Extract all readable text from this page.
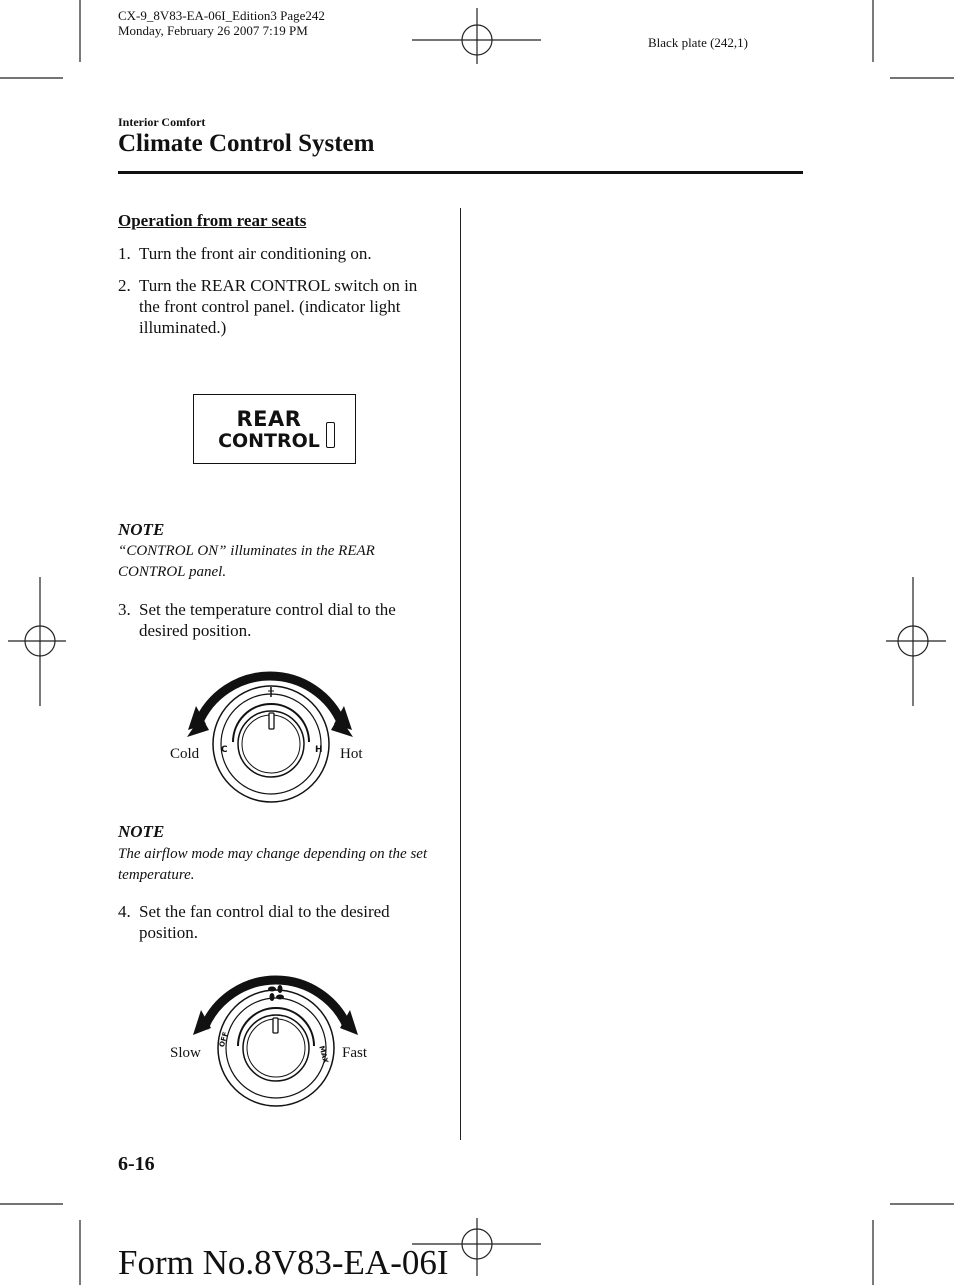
CX-9_8V83-EA-06I_Edition3 Page242
Monday, February 26 2007 7:19 PM
Black plate (242,1)
Interior Comfort
Climate Control System
Operation from rear seats
1. Turn the front air conditioning on.
2. Turn the REAR CONTROL switch on in the front control panel. (indicator light illuminated.)
REAR
CONTROL
NOTE
“CONTROL ON” illuminates in the REAR CONTROL panel.
3. Set the temperature control dial to the desired position.
C	H
Cold	Hot
NOTE
The airflow mode may change depending on the set temperature.
4. Set the fan control dial to the desired position.
OFF
MAX
Slow	Fast
6-16
Form No.8V83-EA-06I
